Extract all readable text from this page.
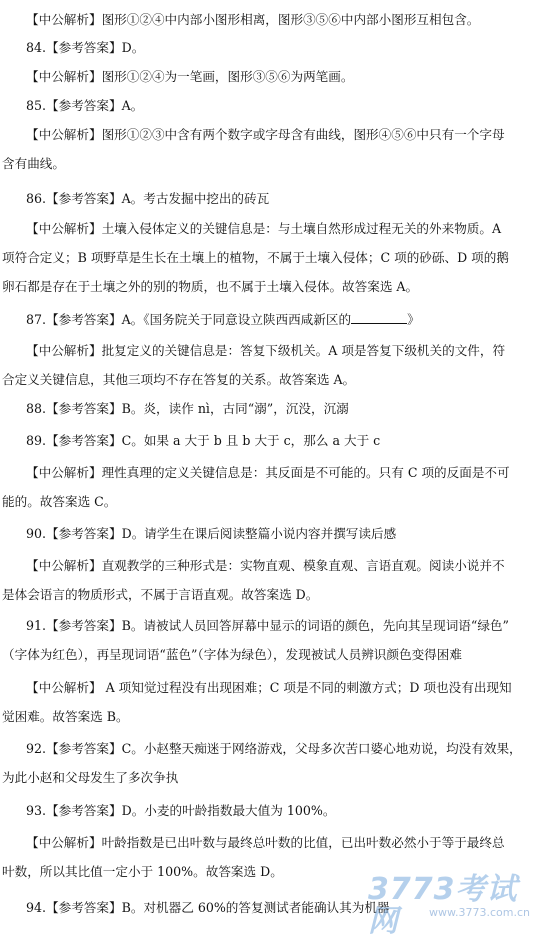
【中公解析】图形①②④中内部小图形相离，图形③⑤⑥中内部小图形互相包含。
84.【参考答案】D。
【中公解析】图形①②④为一笔画，图形③⑤⑥为两笔画。
85.【参考答案】A。
【中公解析】图形①②③中含有两个数字或字母含有曲线，图形④⑤⑥中只有一个字母
含有曲线。
86.【参考答案】A。考古发掘中挖出的砖瓦
【中公解析】土壤入侵体定义的关键信息是：与土壤自然形成过程无关的外来物质。A
项符合定义；B 项野草是生长在土壤上的植物，不属于土壤入侵体；C 项的砂砾、D 项的鹅
卵石都是存在于土壤之外的别的物质，也不属于土壤入侵体。故答案选 A。
87.【参考答案】A。《国务院关于同意设立陕西西咸新区的	》
【中公解析】批复定义的关键信息是：答复下级机关。A 项是答复下级机关的文件，符
合定义关键信息，其他三项均不存在答复的关系。故答案选 A。
88.【参考答案】B。炎，读作 nì，古同“溺”，沉没，沉溺
89.【参考答案】C。如果 a 大于 b 且 b 大于 c，那么 a 大于 c
【中公解析】理性真理的定义关键信息是：其反面是不可能的。只有 C 项的反面是不可
能的。故答案选 C。
90.【参考答案】D。请学生在课后阅读整篇小说内容并撰写读后感
【中公解析】直观教学的三种形式是：实物直观、模象直观、言语直观。阅读小说并不
是体会语言的物质形式，不属于言语直观。故答案选 D。
91.【参考答案】B。请被试人员回答屏幕中显示的词语的颜色，先向其呈现词语“绿色”
（字体为红色），再呈现词语“蓝色”（字体为绿色），发现被试人员辨识颜色变得困难
【中公解析】 A 项知觉过程没有出现困难；C 项是不同的刺激方式；D 项也没有出现知
觉困难。故答案选 B。
92.【参考答案】C。小赵整天痴迷于网络游戏，父母多次苦口婆心地劝说，均没有效果，
为此小赵和父母发生了多次争执
93.【参考答案】D。小麦的叶龄指数最大值为 100%。
【中公解析】叶龄指数是已出叶数与最终总叶数的比值，已出叶数必然小于等于最终总
叶数，所以其比值一定小于 100%。故答案选 D。
94.【参考答案】B。对机器乙 60%的答复测试者能确认其为机器
3773考试网	www.3773.com.cn
